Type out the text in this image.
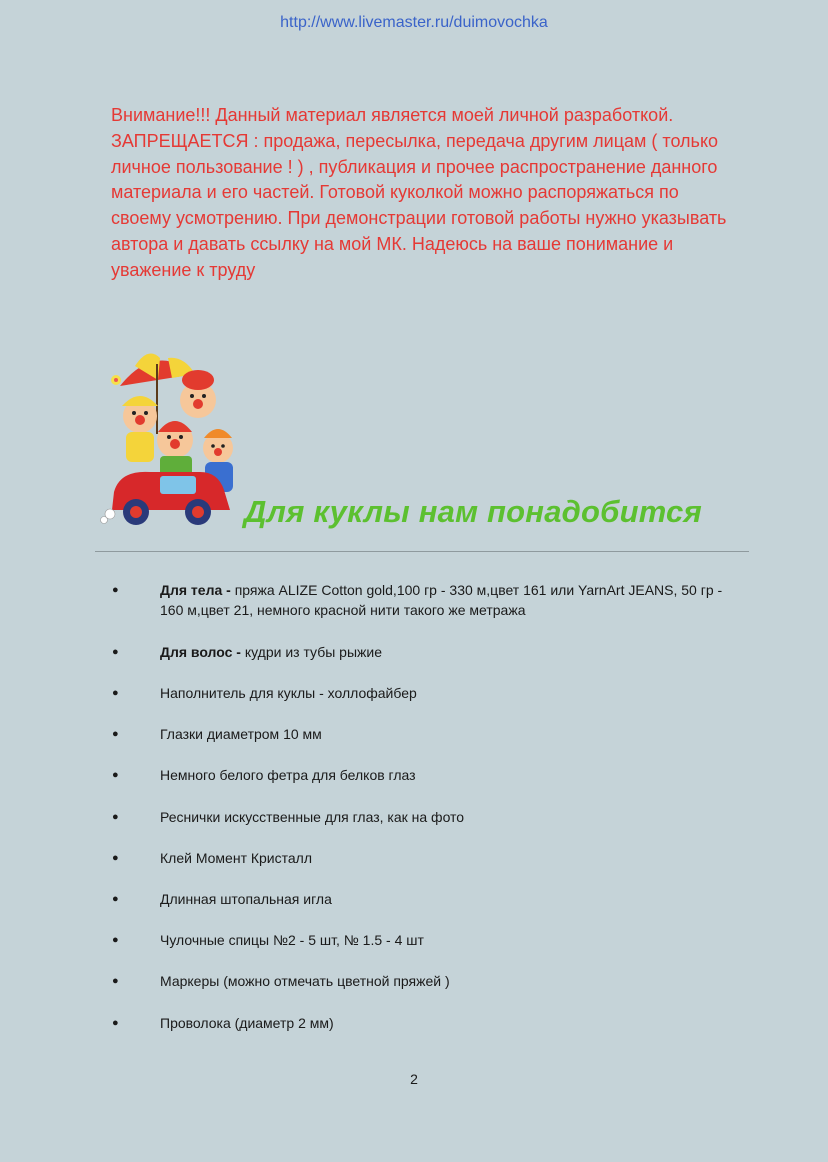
http://www.livemaster.ru/duimovochka
Внимание!!! Данный материал является моей личной разработкой. ЗАПРЕЩАЕТСЯ : продажа, пересылка, передача другим лицам ( только личное пользование ! ) , публикация и прочее распространение данного материала и его частей. Готовой куколкой можно распоряжаться по своему усмотрению. При демонстрации готовой работы нужно указывать автора и давать ссылку на мой МК. Надеюсь на ваше понимание и уважение к труду
Для куклы нам понадобится
●	Для тела - пряжа ALIZE Cotton gold,100 гр - 330 м,цвет 161 или YarnArt JEANS, 50 гр - 160 м,цвет 21, немного красной нити такого же метража
●	Для волос - кудри из тубы рыжие
●	Наполнитель для куклы - холлофайбер
●	Глазки диаметром 10 мм
●	Немного белого фетра для белков глаз
●	Реснички искусственные для глаз, как на фото
●	Клей Момент Кристалл
●	Длинная штопальная игла
●	Чулочные спицы №2 - 5 шт, № 1.5 - 4 шт
●	Маркеры (можно отмечать цветной пряжей )
●	Проволока (диаметр 2 мм)
2
